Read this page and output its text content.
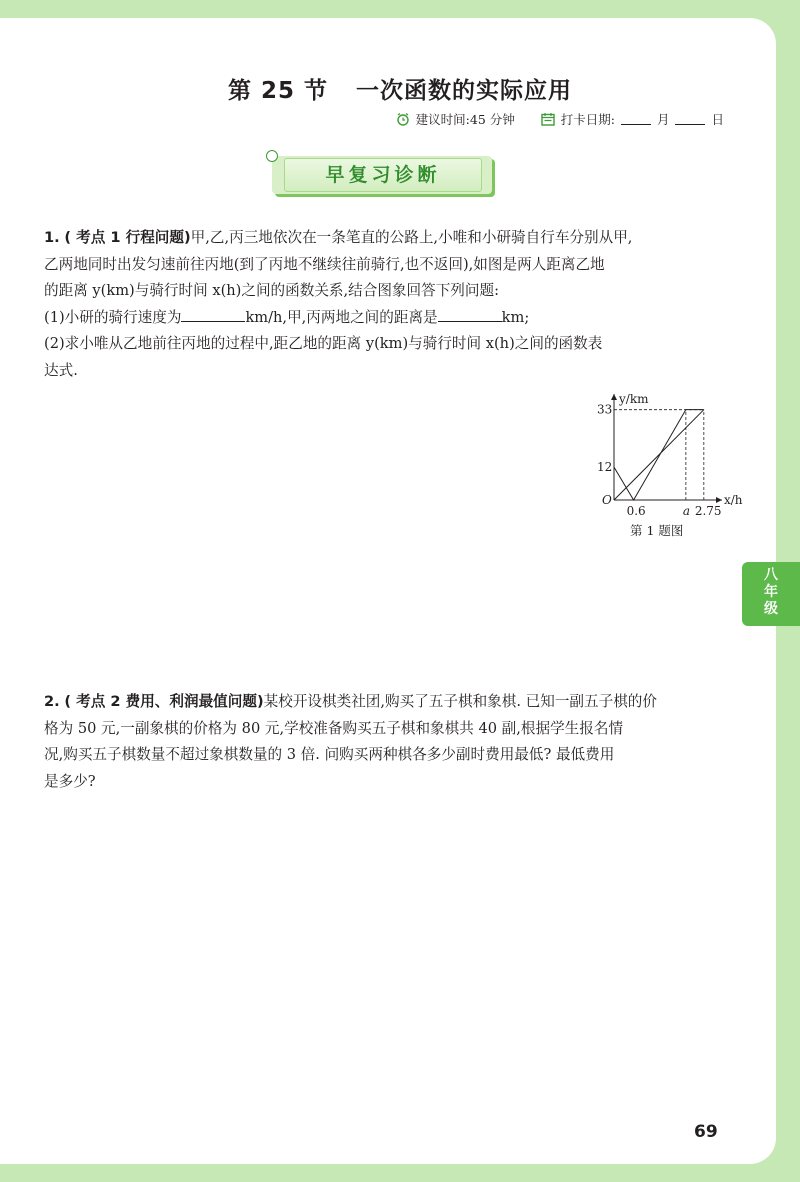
第 25 节 一次函数的实际应用
建议时间:45 分钟	打卡日期:	月	日
早复习诊断
1. ( 考点 1 行程问题)甲,乙,丙三地依次在一条笔直的公路上,小唯和小研骑自行车分别从甲,
乙两地同时出发匀速前往丙地(到了丙地不继续往前骑行,也不返回),如图是两人距离乙地
的距离 y(km)与骑行时间 x(h)之间的函数关系,结合图象回答下列问题:
(1)小研的骑行速度为	km/h,甲,丙两地之间的距离是	km;
(2)求小唯从乙地前往丙地的过程中,距乙地的距离 y(km)与骑行时间 x(h)之间的函数表
达式.
y/km
x/h
O
33
12
0.6	a 2.75
第 1 题图
2. ( 考点 2 费用、利润最值问题)某校开设棋类社团,购买了五子棋和象棋. 已知一副五子棋的价
格为 50 元,一副象棋的价格为 80 元,学校准备购买五子棋和象棋共 40 副,根据学生报名情
况,购买五子棋数量不超过象棋数量的 3 倍. 问购买两种棋各多少副时费用最低? 最低费用
是多少?
八
年
级
69
